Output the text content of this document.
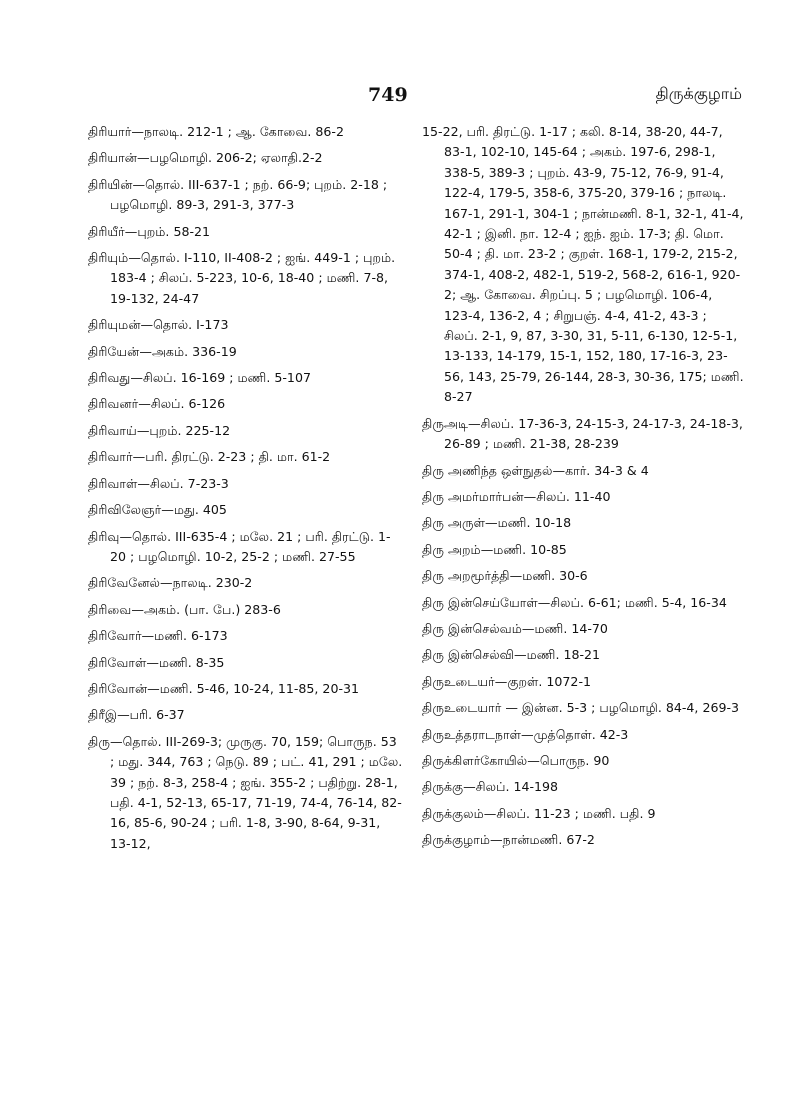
749	திருக்குழாம்
திரியார்—நாலடி. 212-1 ; ஆ. கோவை. 86-2
திரியான்—பழமொழி. 206-2; ஏலாதி.2-2
திரியின்—தொல். III-637-1 ; நற். 66-9; புறம். 2-18 ; பழமொழி. 89-3, 291-3, 377-3
திரியீர்—புறம். 58-21
திரியும்—தொல். I-110, II-408-2 ; ஐங். 449-1 ; புறம். 183-4 ; சிலப். 5-223, 10-6, 18-40 ; மணி. 7-8, 19-132, 24-47
திரியுமன்—தொல். I-173
திரியேன்—அகம். 336-19
திரிவது—சிலப். 16-169 ; மணி. 5-107
திரிவனர்—சிலப். 6-126
திரிவாய்—புறம். 225-12
திரிவார்—பரி. திரட்டு. 2-23 ; தி. மா. 61-2
திரிவாள்—சிலப். 7-23-3
திரிவிலேஞர்—மது. 405
திரிவு—தொல். III-635-4 ; மலே. 21 ; பரி. திரட்டு. 1-20 ; பழமொழி. 10-2, 25-2 ; மணி. 27-55
திரிவேனேல்—நாலடி. 230-2
திரிவை—அகம். (பா. பே.) 283-6
திரிவோர்—மணி. 6-173
திரிவோள்—மணி. 8-35
திரிவோன்—மணி. 5-46, 10-24, 11-85, 20-31
திரீஇ—பரி. 6-37
திரு—தொல். III-269-3; முருகு. 70, 159; பொருந. 53 ; மது. 344, 763 ; நெடு. 89 ; பட். 41, 291 ; மலே. 39 ; நற். 8-3, 258-4 ; ஐங். 355-2 ; பதிற்று. 28-1, பதி. 4-1, 52-13, 65-17, 71-19, 74-4, 76-14, 82-16, 85-6, 90-24 ; பரி. 1-8, 3-90, 8-64, 9-31, 13-12,
15-22, பரி. திரட்டு. 1-17 ; கலி. 8-14, 38-20, 44-7, 83-1, 102-10, 145-64 ; அகம். 197-6, 298-1, 338-5, 389-3 ; புறம். 43-9, 75-12, 76-9, 91-4, 122-4, 179-5, 358-6, 375-20, 379-16 ; நாலடி. 167-1, 291-1, 304-1 ; நான்மணி. 8-1, 32-1, 41-4, 42-1 ; இனி. நா. 12-4 ; ஐந். ஐம். 17-3; தி. மொ. 50-4 ; தி. மா. 23-2 ; குறள். 168-1, 179-2, 215-2, 374-1, 408-2, 482-1, 519-2, 568-2, 616-1, 920-2; ஆ. கோவை. சிறப்பு. 5 ; பழமொழி. 106-4, 123-4, 136-2, 4 ; சிறுபஞ். 4-4, 41-2, 43-3 ; சிலப். 2-1, 9, 87, 3-30, 31, 5-11, 6-130, 12-5-1, 13-133, 14-179, 15-1, 152, 180, 17-16-3, 23-56, 143, 25-79, 26-144, 28-3, 30-36, 175; மணி. 8-27
திருஅடி—சிலப். 17-36-3, 24-15-3, 24-17-3, 24-18-3, 26-89 ; மணி. 21-38, 28-239
திரு அணிந்த ஒள்நுதல்—கார். 34-3 & 4
திரு அமர்மார்பன்—சிலப். 11-40
திரு அருள்—மணி. 10-18
திரு அறம்—மணி. 10-85
திரு அறமூர்த்தி—மணி. 30-6
திரு இன்செய்யோள்—சிலப். 6-61; மணி. 5-4, 16-34
திரு இன்செல்வம்—மணி. 14-70
திரு இன்செல்வி—மணி. 18-21
திருஉடையர்—குறள். 1072-1
திருஉடையார் — இன்ன. 5-3 ; பழமொழி. 84-4, 269-3
திருஉத்தராடநாள்—முத்தொள். 42-3
திருக்கிளர்கோயில்—பொருந. 90
திருக்கு—சிலப். 14-198
திருக்குலம்—சிலப். 11-23 ; மணி. பதி. 9
திருக்குழாம்—நான்மணி. 67-2
